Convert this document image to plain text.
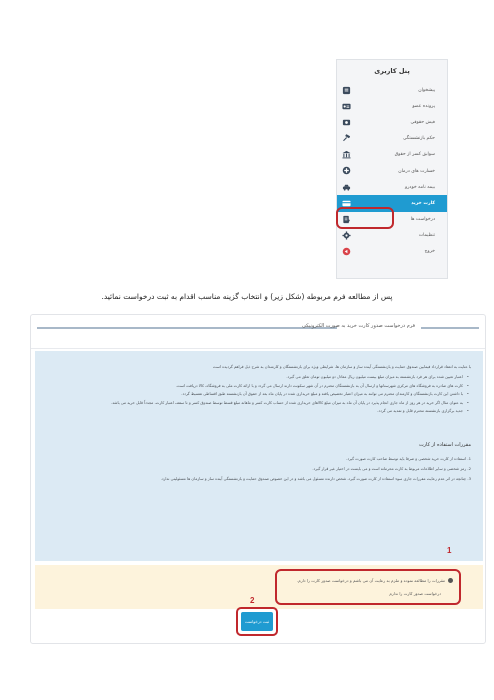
پنل کاربری
پیشخوان
پرونده عضو
فیش حقوقی
حکم بازنشستگی
سوابق کسر از حقوق
خسارت های درمان
بیمه نامه خودرو
کارت خرید
درخواست ها
تنظیمات
خروج
پس از مطالعه فرم مربوطه (شکل زیر) و انتخاب گزینه مناسب اقدام به ثبت درخواست نمائید.
فرم درخواست صدور کارت خرید به صورت الکترونیکی

با عنایت به انعقاد قرارداد فیمابین صندوق حمایت و بازنشستگی آینده ساز و سازمان ها، شرایطی ویژه برای بازنشستگان و کارمندان به شرح ذیل فراهم گردیده است

• اعتبار تعیین شده برای هر فرد بازنشسته به میزان مبلغ بیست میلیون ریال معادل دو میلیون تومان تعلق می گیرد.
• کارت های صادره به فروشگاه های مرکزی شهرستانها و ارسال آن به بازنشستگان محترم در آن شهر سکونت دارند ارسال می گردد و با ارائه کارت ملی به فروشگاه، کالا دریافت است.
• با داشتن این کارت بازنشستگان و کارمندان محترم می توانند به میزان اعتبار تخصیص یافته و مبلغ خریداری شده در پایان ماه بعد از حقوق آن بازنشسته طبق اقساطی تقسیط گردد.
• به عنوان مثال اگر خرید در هر روز از ماه جاری انجام پذیرد در پایان آن ماه به میزان مبلغ کالاهای خریداری شده از حساب کارت کسر و ماهانه مبلغ قسط توسط صندوق کسر و تا سقف اعتبار کارت، مجدداً قابل خرید می باشد.
• جدید برگزاری بازنشسته محترم قابل و تمدید می گردد.
مقررات استفاده از کارت
1. استفاده از کارت خرید شخصی و صرفا باید توسط صاحب کارت صورت گیرد.
2. رمز شخصی و سایر اطلاعات مربوط به کارت محرمانه است و می بایست در اختیار غیر قرار گیرد.
3. چنانچه در اثر عدم رعایت مقررات جاری سوء استفاده از کارت صورت گیرد، شخص دارنده مسئول می باشد و در این خصوص صندوق حمایت و بازنشستگی آینده ساز و سازمان ها مسئولیتی ندارد.
مقررات را مطالعه نموده و ملزم به رعایت آن می باشم و درخواست صدور کارت را دارم.
درخواست صدور کارت را ندارم
1
2
ثبت درخواست
